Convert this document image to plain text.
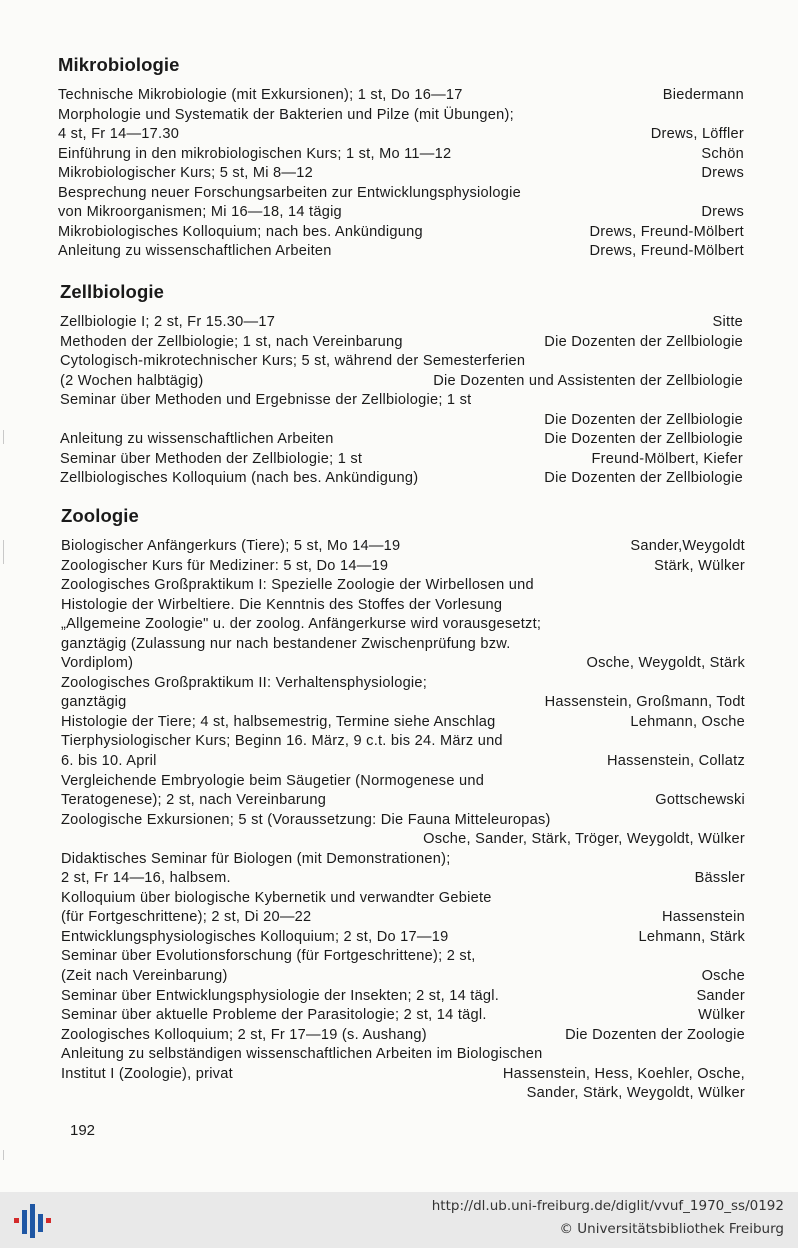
Mikrobiologie
Technische Mikrobiologie (mit Exkursionen); 1 st, Do 16—17	Biedermann
Morphologie und Systematik der Bakterien und Pilze (mit Übungen);
4 st, Fr 14—17.30	Drews, Löffler
Einführung in den mikrobiologischen Kurs; 1 st, Mo 11—12	Schön
Mikrobiologischer Kurs; 5 st, Mi 8—12	Drews
Besprechung neuer Forschungsarbeiten zur Entwicklungsphysiologie
von Mikroorganismen; Mi 16—18, 14 tägig	Drews
Mikrobiologisches Kolloquium; nach bes. Ankündigung	Drews, Freund-Mölbert
Anleitung zu wissenschaftlichen Arbeiten	Drews, Freund-Mölbert
Zellbiologie
Zellbiologie I; 2 st, Fr 15.30—17	Sitte
Methoden der Zellbiologie; 1 st, nach Vereinbarung	Die Dozenten der Zellbiologie
Cytologisch-mikrotechnischer Kurs; 5 st, während der Semesterferien
(2 Wochen halbtägig)	Die Dozenten und Assistenten der Zellbiologie
Seminar über Methoden und Ergebnisse der Zellbiologie; 1 st
Die Dozenten der Zellbiologie
Anleitung zu wissenschaftlichen Arbeiten	Die Dozenten der Zellbiologie
Seminar über Methoden der Zellbiologie; 1 st	Freund-Mölbert, Kiefer
Zellbiologisches Kolloquium (nach bes. Ankündigung)	Die Dozenten der Zellbiologie
Zoologie
Biologischer Anfängerkurs (Tiere); 5 st, Mo 14—19	Sander,Weygoldt
Zoologischer Kurs für Mediziner: 5 st, Do 14—19	Stärk, Wülker
Zoologisches Großpraktikum I: Spezielle Zoologie der Wirbellosen und
Histologie der Wirbeltiere. Die Kenntnis des Stoffes der Vorlesung
„Allgemeine Zoologie" u. der zoolog. Anfängerkurse wird vorausgesetzt;
ganztägig (Zulassung nur nach bestandener Zwischenprüfung bzw.
Vordiplom)	Osche, Weygoldt, Stärk
Zoologisches Großpraktikum II: Verhaltensphysiologie;
ganztägig	Hassenstein, Großmann, Todt
Histologie der Tiere; 4 st, halbsemestrig, Termine siehe Anschlag	Lehmann, Osche
Tierphysiologischer Kurs; Beginn 16. März, 9 c.t. bis 24. März und
6. bis 10. April	Hassenstein, Collatz
Vergleichende Embryologie beim Säugetier (Normogenese und
Teratogenese); 2 st, nach Vereinbarung	Gottschewski
Zoologische Exkursionen; 5 st (Voraussetzung: Die Fauna Mitteleuropas)
Osche, Sander, Stärk, Tröger, Weygoldt, Wülker
Didaktisches Seminar für Biologen (mit Demonstrationen);
2 st, Fr 14—16, halbsem.	Bässler
Kolloquium über biologische Kybernetik und verwandter Gebiete
(für Fortgeschrittene); 2 st, Di 20—22	Hassenstein
Entwicklungsphysiologisches Kolloquium; 2 st, Do 17—19	Lehmann, Stärk
Seminar über Evolutionsforschung (für Fortgeschrittene); 2 st,
(Zeit nach Vereinbarung)	Osche
Seminar über Entwicklungsphysiologie der Insekten; 2 st, 14 tägl.	Sander
Seminar über aktuelle Probleme der Parasitologie; 2 st, 14 tägl.	Wülker
Zoologisches Kolloquium; 2 st, Fr 17—19 (s. Aushang)	Die Dozenten der Zoologie
Anleitung zu selbständigen wissenschaftlichen Arbeiten im Biologischen
Institut I (Zoologie), privat	Hassenstein, Hess, Koehler, Osche,
Sander, Stärk, Weygoldt, Wülker
192
http://dl.ub.uni-freiburg.de/diglit/vvuf_1970_ss/0192
© Universitätsbibliothek Freiburg
